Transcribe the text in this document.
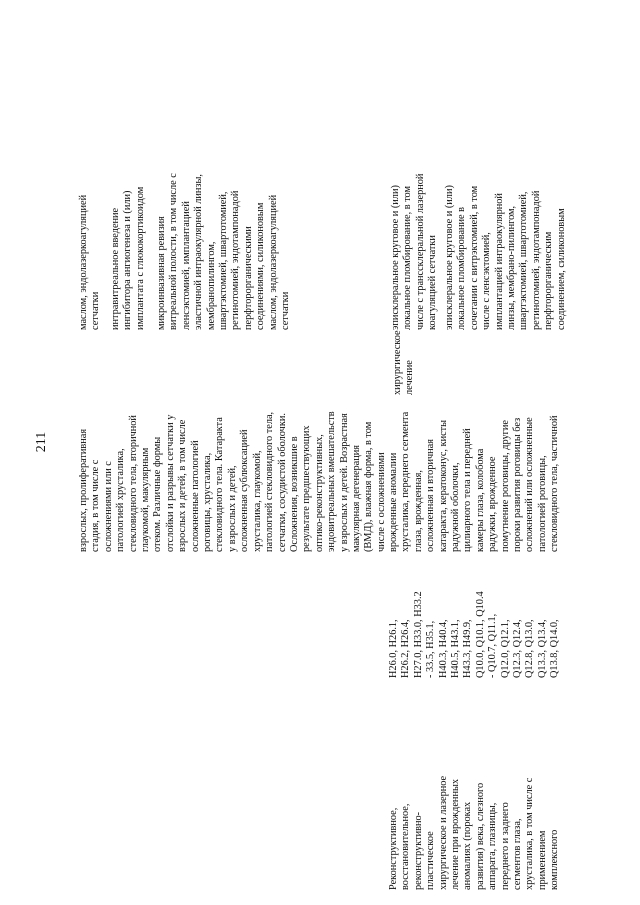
211	взрослых, пролиферативная стадия, в том числе с осложнениями или с патологией хрусталика, стекловидного тела, вторичной глаукомой, макулярным отеком. Различные формы отслойки и разрывы сетчатки у взрослых и детей, в том числе осложненные патологией роговицы, хрусталика, стекловидного тела. Катаракта у взрослых и детей, осложненная сублюксацией хрусталика, глаукомой, патологией стекловидного тела, сетчатки, сосудистой оболочки. Осложнения, возникшие в результате предшествующих оптико-реконструктивных, эндовитреальных вмешательств у взрослых и детей. Возрастная макулярная дегенерация (ВМД), влажная форма, в том числе с осложнениями
Реконструктивное, восстановительное, реконструктивно- пластическое хирургическое и лазерное лечение при врожденных аномалиях (пороках развития) века, слезного аппарата, глазницы, переднего и заднего сегментов глаза, хрусталика, в том числе с применением комплексного
H26.0, H26.1, H26.2, H26.4, H27.0, H33.0, H33.2 - 33.5, H35.1, H40.3, H40.4, H40.5, H43.1, H43.3, H49.9, Q10.0, Q10.1, Q10.4 - Q10.7, Q11.1, Q12.0, Q12.1, Q12.3, Q12.4, Q12.8, Q13.0, Q13.3, Q13.4, Q13.8, Q14.0,
врожденные аномалии хрусталика, переднего сегмента глаза, врожденная, осложненная и вторичная катаракта, кератоконус, кисты радужной оболочки, цилиарного тела и передней камеры глаза, колобома радужки, врожденное помутнение роговицы, другие пороки развития роговицы без осложнений или осложненные патологией роговицы, стекловидного тела, частичной
хирургическое лечение
маслом, эндолазеркоагуляцией сетчатки интравитреальное введение ингибитора ангиогенеза и (или) имплантата с глюкокортикоидом микроинвазивная ревизия витреальной полости, в том числе с ленсэктомией, имплантацией эластичной интраокулярной линзы, мембранопилингом, швартэктомией, швартотомией, ретинотомией, эндотампонадой перфторорганическими соединениями, силиконовым маслом, эндолазеркоагуляцией сетчатки	эписклеральное круговое и (или) локальное пломбирование, в том числе с транссклеральной лазерной коагуляцией сетчатки эписклеральное круговое и (или) локальное пломбирование в сочетании с витрэктомией, в том числе с ленсэктомией, имплантацией интраокулярной линзы, мембрано-пилингом, швартэктомией, швартотомией, ретинотомией, эндотампонадой перфторорганическим соединением, силиконовым
